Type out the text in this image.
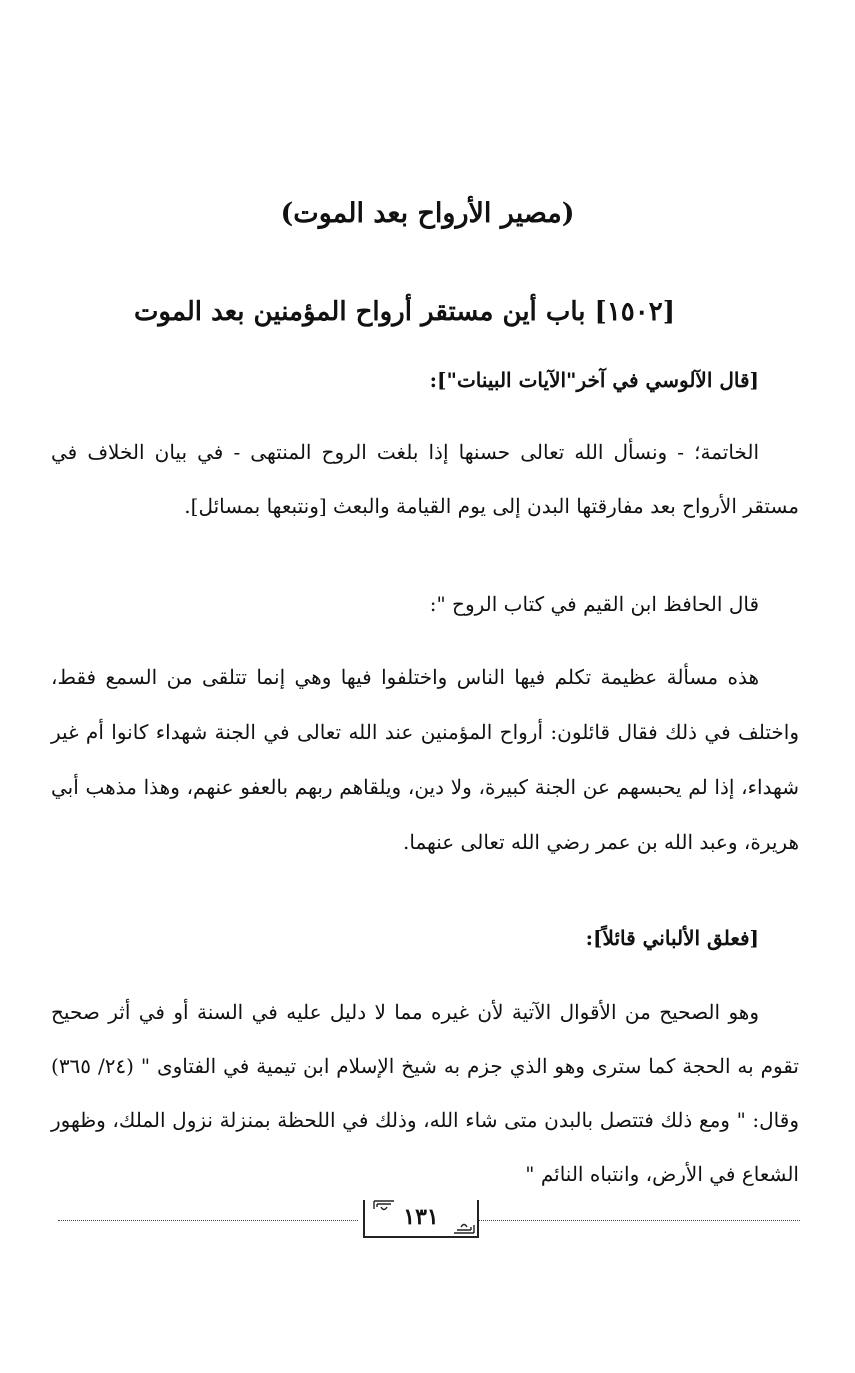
(مصير الأرواح بعد الموت)
[١٥٠٢] باب أين مستقر أرواح المؤمنين بعد الموت
[قال الآلوسي في آخر"الآيات البينات"]:
الخاتمة؛ - ونسأل الله تعالى حسنها إذا بلغت الروح المنتهى - في بيان الخلاف في مستقر الأرواح بعد مفارقتها البدن إلى يوم القيامة والبعث [ونتبعها بمسائل].
قال الحافظ ابن القيم في كتاب الروح ":
هذه مسألة عظيمة تكلم فيها الناس واختلفوا فيها وهي إنما تتلقى من السمع فقط، واختلف في ذلك فقال قائلون: أرواح المؤمنين عند الله تعالى في الجنة شهداء كانوا أم غير شهداء، إذا لم يحبسهم عن الجنة كبيرة، ولا دين، ويلقاهم ربهم بالعفو عنهم، وهذا مذهب أبي هريرة، وعبد الله بن عمر رضي الله تعالى عنهما.
[فعلق الألباني قائلاً]:
وهو الصحيح من الأقوال الآتية لأن غيره مما لا دليل عليه في السنة أو في أثر صحيح تقوم به الحجة كما سترى وهو الذي جزم به شيخ الإسلام ابن تيمية في الفتاوى " (٢٤/ ٣٦٥) وقال: " ومع ذلك فتتصل بالبدن متى شاء الله، وذلك في اللحظة بمنزلة نزول الملك، وظهور الشعاع في الأرض، وانتباه النائم "
١٣١
